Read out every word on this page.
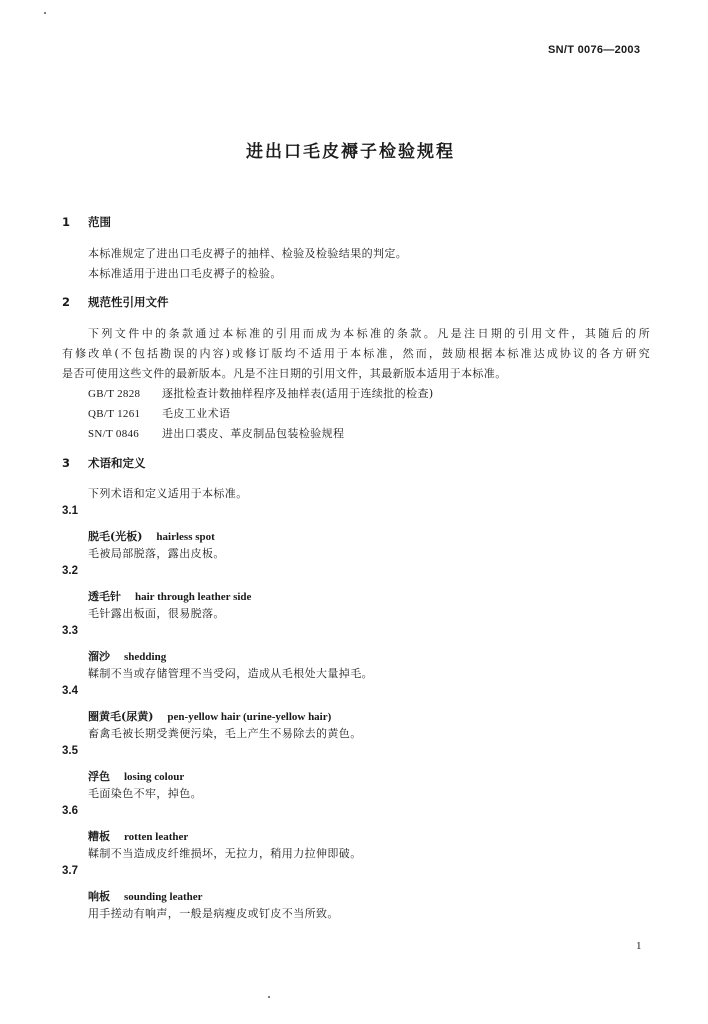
SN/T 0076—2003
进出口毛皮褥子检验规程
1 范围
本标准规定了进出口毛皮褥子的抽样、检验及检验结果的判定。
本标准适用于进出口毛皮褥子的检验。
2 规范性引用文件
下列文件中的条款通过本标准的引用而成为本标准的条款。凡是注日期的引用文件，其随后的所
有修改单(不包括勘误的内容)或修订版均不适用于本标准，然而，鼓励根据本标准达成协议的各方研究
是否可使用这些文件的最新版本。凡是不注日期的引用文件，其最新版本适用于本标准。
GB/T 2828 逐批检查计数抽样程序及抽样表(适用于连续批的检查)
QB/T 1261 毛皮工业术语
SN/T 0846 进出口裘皮、革皮制品包装检验规程
3 术语和定义
下列术语和定义适用于本标准。
3.1
脱毛(光板) hairless spot
毛被局部脱落，露出皮板。
3.2
透毛针 hair through leather side
毛针露出板面，很易脱落。
3.3
溜沙 shedding
鞣制不当或存储管理不当受闷，造成从毛根处大量掉毛。
3.4
圈黄毛(尿黄) pen-yellow hair (urine-yellow hair)
畜禽毛被长期受粪便污染，毛上产生不易除去的黄色。
3.5
浮色 losing colour
毛面染色不牢，掉色。
3.6
糟板 rotten leather
鞣制不当造成皮纤维损坏，无拉力，稍用力拉伸即破。
3.7
响板 sounding leather
用手搓动有响声，一般是病瘦皮或钉皮不当所致。
1
